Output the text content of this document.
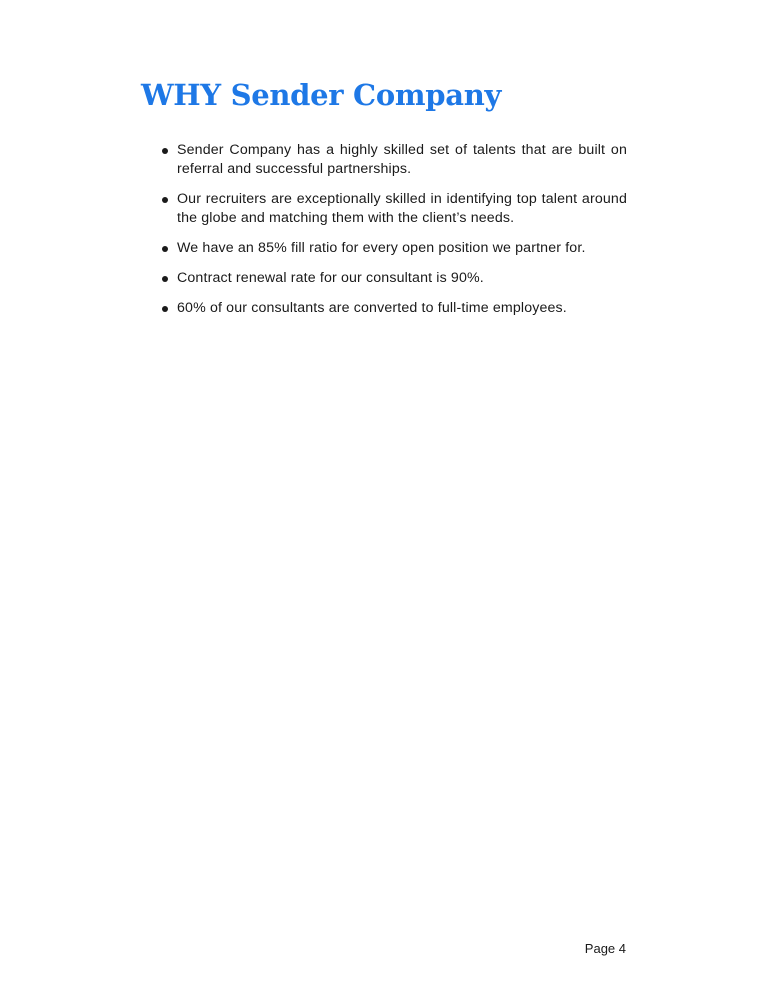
WHY Sender Company
Sender Company has a highly skilled set of talents that are built on referral and successful partnerships.
Our recruiters are exceptionally skilled in identifying top talent around the globe and matching them with the client’s needs.
We have an 85% fill ratio for every open position we partner for.
Contract renewal rate for our consultant is 90%.
60% of our consultants are converted to full-time employees.
Page 4
